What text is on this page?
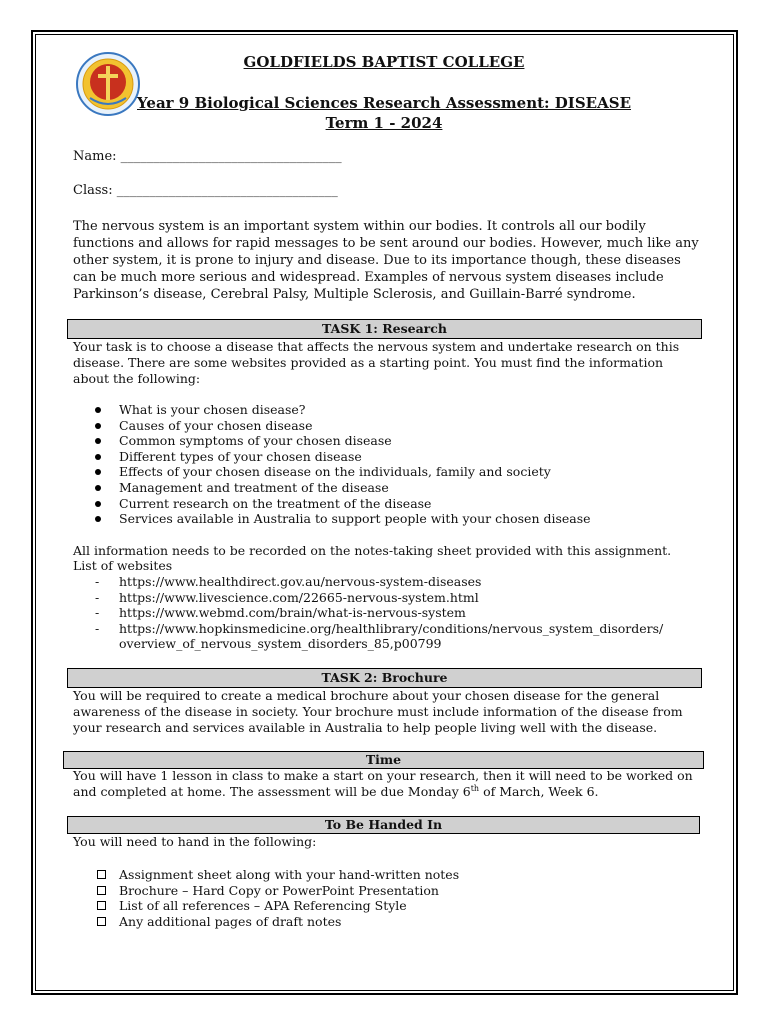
GOLDFIELDS BAPTIST COLLEGE
Year 9 Biological Sciences Research Assessment: DISEASE
Term 1 - 2024
Name: __________________________________
Class: __________________________________
The nervous system is an important system within our bodies. It controls all our bodily functions and allows for rapid messages to be sent around our bodies. However, much like any other system, it is prone to injury and disease. Due to its importance though, these diseases can be much more serious and widespread. Examples of nervous system diseases include Parkinson’s disease, Cerebral Palsy, Multiple Sclerosis, and Guillain-Barré syndrome.
TASK 1: Research
Your task is to choose a disease that affects the nervous system and undertake research on this disease. There are some websites provided as a starting point. You must find the information about the following:
What is your chosen disease?
Causes of your chosen disease
Common symptoms of your chosen disease
Different types of your chosen disease
Effects of your chosen disease on the individuals, family and society
Management and treatment of the disease
Current research on the treatment of the disease
Services available in Australia to support people with your chosen disease
All information needs to be recorded on the notes-taking sheet provided with this assignment.
List of websites
- https://www.healthdirect.gov.au/nervous-system-diseases
- https://www.livescience.com/22665-nervous-system.html
- https://www.webmd.com/brain/what-is-nervous-system
- https://www.hopkinsmedicine.org/healthlibrary/conditions/nervous_system_disorders/ overview_of_nervous_system_disorders_85,p00799
TASK 2: Brochure
You will be required to create a medical brochure about your chosen disease for the general awareness of the disease in society. Your brochure must include information of the disease from your research and services available in Australia to help people living well with the disease.
Time
You will have 1 lesson in class to make a start on your research, then it will need to be worked on and completed at home. The assessment will be due Monday 6th of March, Week 6.
To Be Handed In
You will need to hand in the following:
Assignment sheet along with your hand-written notes
Brochure – Hard Copy or PowerPoint Presentation
List of all references – APA Referencing Style
Any additional pages of draft notes
